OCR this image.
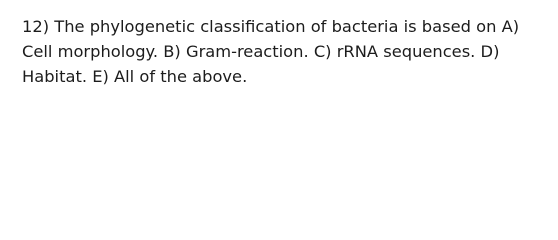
12) The phylogenetic classification of bacteria is based on A) Cell morphology. B) Gram-reaction. C) rRNA sequences. D) Habitat. E) All of the above.
